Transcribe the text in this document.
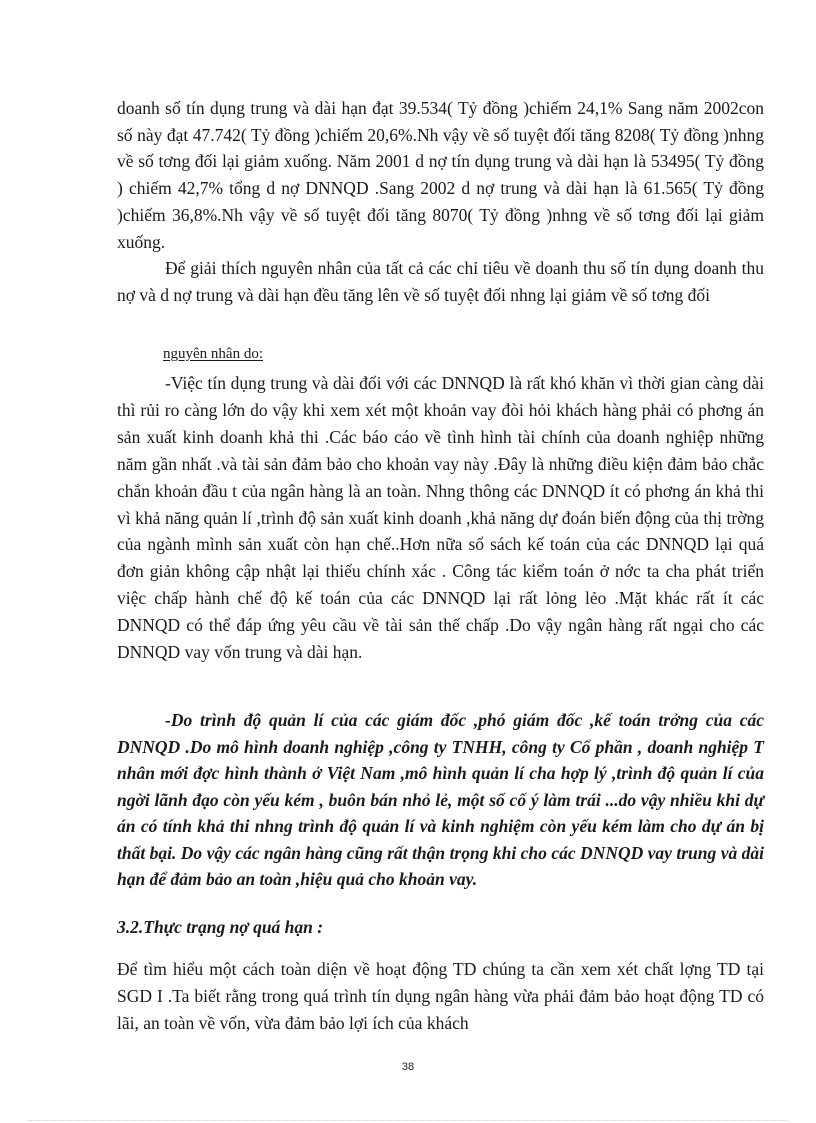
doanh số tín dụng trung và dài hạn đạt 39.534( Tỷ đồng )chiếm 24,1% Sang năm 2002con số này đạt 47.742( Tỷ đồng )chiếm 20,6%.Nh vậy về số tuyệt đối tăng 8208( Tỷ đồng )nhng về số tơng đối lại giảm xuống. Năm 2001 d nợ tín dụng trung và dài hạn là 53495( Tỷ đồng ) chiếm 42,7% tổng d nợ DNNQD .Sang 2002 d nợ trung và dài hạn là 61.565( Tỷ đồng )chiếm 36,8%.Nh vậy về số tuyệt đối tăng 8070( Tỷ đồng )nhng về số tơng đối lại giảm xuống.

Để giải thích nguyên nhân của tất cả các chỉ tiêu về doanh thu số tín dụng doanh thu nợ và d nợ trung và dài hạn đều tăng lên về số tuyệt đối nhng lại giảm về số tơng đối

nguyên nhân do:

-Việc tín dụng trung và dài đối với các DNNQD là rất khó khăn vì thời gian càng dài thì rủi ro càng lớn do vậy khi xem xét một khoản vay đòi hỏi khách hàng phải có phơng án sản xuất kinh doanh khả thi .Các báo cáo về tình hình tài chính của doanh nghiệp những năm gần nhất .và tài sản đảm bảo cho khoản vay này .Đây là những điều kiện đảm bảo chắc chắn khoản đầu t của ngân hàng là an toàn. Nhng thông các DNNQD ít có phơng án khả thi vì khả năng quản lí ,trình độ sản xuất kinh doanh ,khả năng dự đoán biến động của thị trờng của ngành mình sản xuất còn hạn chế..Hơn nữa sổ sách kế toán của các DNNQD lại quá đơn giản không cập nhật lại thiếu chính xác . Công tác kiểm toán ở nớc ta cha phát triển việc chấp hành chế độ kế toán của các DNNQD lại rất lỏng lẻo .Mặt khác rất ít các DNNQD có thể đáp ứng yêu cầu về tài sản thế chấp .Do vậy ngân hàng rất ngại cho các DNNQD vay vốn trung và dài hạn.

-Do trình độ quản lí của các giám đốc ,phó giám đốc ,kế toán trởng của các DNNQD .Do mô hình doanh nghiệp ,công ty TNHH, công ty Cổ phần , doanh nghiệp T nhân mới đợc hình thành ở Việt Nam ,mô hình quản lí cha hợp lý ,trình độ quản lí của ngời lãnh đạo còn yếu kém , buôn bán nhỏ lẻ, một số cố ý làm trái ...do vậy nhiều khi dự án có tính khả thi nhng trình độ quản lí và kinh nghiệm còn yếu kém làm cho dự án bị thất bại. Do vậy các ngân hàng cũng rất thận trọng khi cho các DNNQD vay trung và dài hạn để đảm bảo an toàn ,hiệu quả cho khoản vay.

3.2.Thực trạng nợ quá hạn :

Để tìm hiểu một cách toàn diện về hoạt động TD chúng ta cần xem xét chất lợng TD tại SGD I .Ta biết rằng trong quá trình tín dụng ngân hàng vừa phải đảm bảo hoạt động TD có lãi, an toàn về vốn, vừa đảm bảo lợi ích của khách

38
